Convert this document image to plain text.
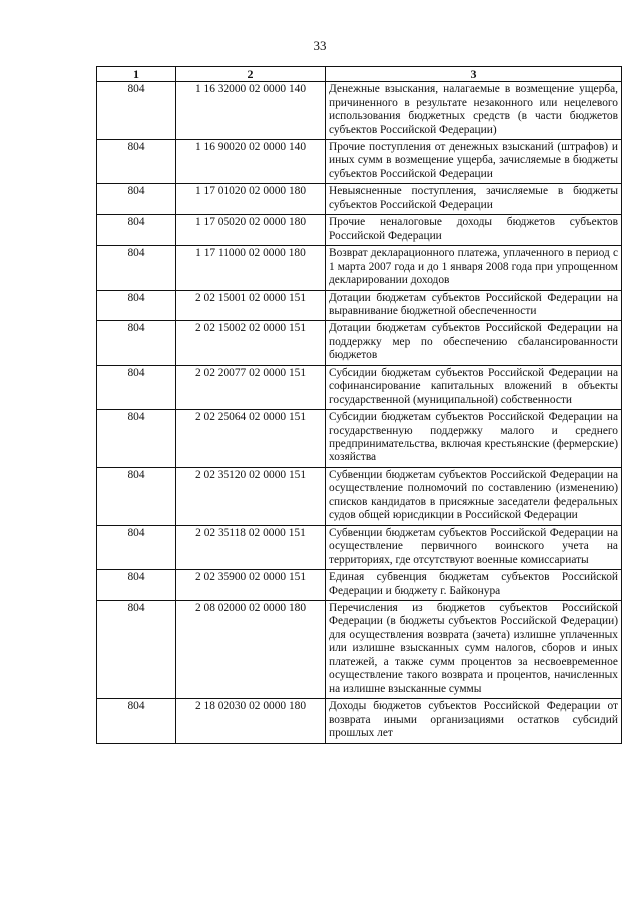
33
1	2	3
804	1 16 32000 02 0000 140	Денежные взыскания, налагаемые в возмещение ущерба, причиненного в результате незаконного или нецелевого использования бюджетных средств (в части бюджетов субъектов Российской Федерации)
804	1 16 90020 02 0000 140	Прочие поступления от денежных взысканий (штрафов) и иных сумм в возмещение ущерба, зачисляемые в бюджеты субъектов Российской Федерации
804	1 17 01020 02 0000 180	Невыясненные поступления, зачисляемые в бюджеты субъектов Российской Федерации
804	1 17 05020 02 0000 180	Прочие неналоговые доходы бюджетов субъектов Российской Федерации
804	1 17 11000 02 0000 180	Возврат декларационного платежа, уплаченного в период с 1 марта 2007 года и до 1 января 2008 года при упрощенном декларировании доходов
804	2 02 15001 02 0000 151	Дотации бюджетам субъектов Российской Федерации на выравнивание бюджетной обеспеченности
804	2 02 15002 02 0000 151	Дотации бюджетам субъектов Российской Федерации на поддержку мер по обеспечению сбалансированности бюджетов
804	2 02 20077 02 0000 151	Субсидии бюджетам субъектов Российской Федерации на софинансирование капитальных вложений в объекты государственной (муниципальной) собственности
804	2 02 25064 02 0000 151	Субсидии бюджетам субъектов Российской Федерации на государственную поддержку малого и среднего предпринимательства, включая крестьянские (фермерские) хозяйства
804	2 02 35120 02 0000 151	Субвенции бюджетам субъектов Российской Федерации на осуществление полномочий по составлению (изменению) списков кандидатов в присяжные заседатели федеральных судов общей юрисдикции в Российской Федерации
804	2 02 35118 02 0000 151	Субвенции бюджетам субъектов Российской Федерации на осуществление первичного воинского учета на территориях, где отсутствуют военные комиссариаты
804	2 02 35900 02 0000 151	Единая субвенция бюджетам субъектов Российской Федерации и бюджету г. Байконура
804	2 08 02000 02 0000 180	Перечисления из бюджетов субъектов Российской Федерации (в бюджеты субъектов Российской Федерации) для осуществления возврата (зачета) излишне уплаченных или излишне взысканных сумм налогов, сборов и иных платежей, а также сумм процентов за несвоевременное осуществление такого возврата и процентов, начисленных на излишне взысканные суммы
804	2 18 02030 02 0000 180	Доходы бюджетов субъектов Российской Федерации от возврата иными организациями остатков субсидий прошлых лет
